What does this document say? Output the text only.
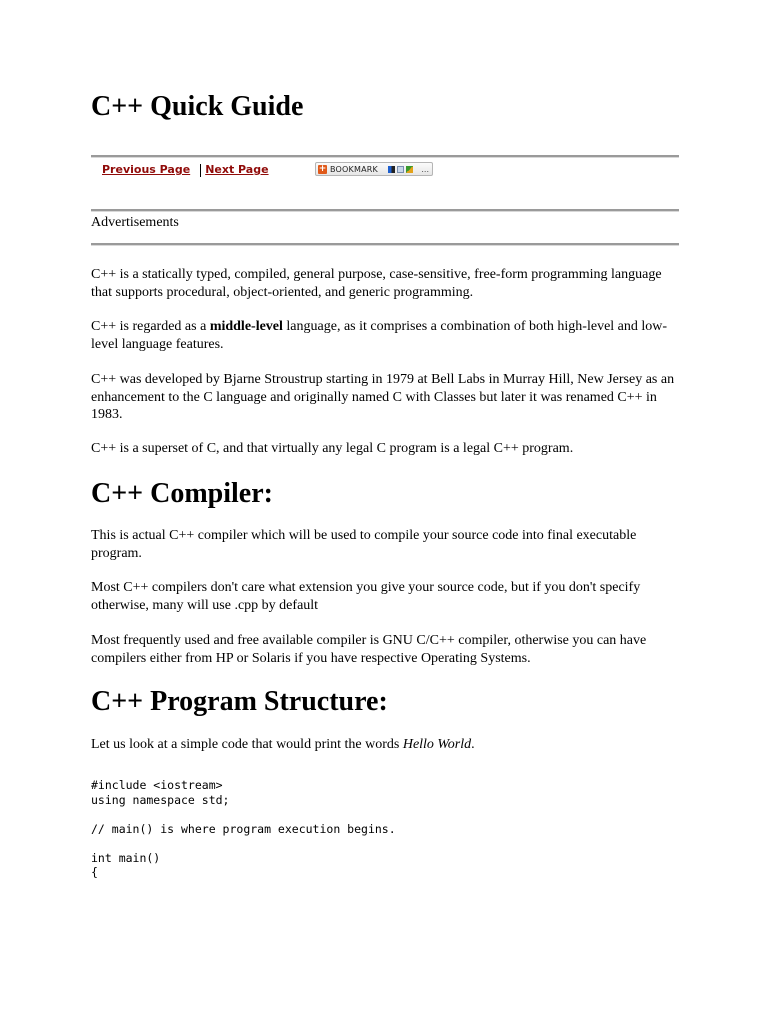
C++ Quick Guide
Previous Page Next Page	+ BOOKMARK	...
Advertisements

C++ is a statically typed, compiled, general purpose, case-sensitive, free-form programming language that supports procedural, object-oriented, and generic programming.

C++ is regarded as a middle-level language, as it comprises a combination of both high-level and low-level language features.

C++ was developed by Bjarne Stroustrup starting in 1979 at Bell Labs in Murray Hill, New Jersey as an enhancement to the C language and originally named C with Classes but later it was renamed C++ in 1983.

C++ is a superset of C, and that virtually any legal C program is a legal C++ program.

C++ Compiler:

This is actual C++ compiler which will be used to compile your source code into final executable program.

Most C++ compilers don't care what extension you give your source code, but if you don't specify otherwise, many will use .cpp by default

Most frequently used and free available compiler is GNU C/C++ compiler, otherwise you can have compilers either from HP or Solaris if you have respective Operating Systems.

C++ Program Structure:

Let us look at a simple code that would print the words Hello World.

#include <iostream>
using namespace std;

// main() is where program execution begins.

int main()
{
